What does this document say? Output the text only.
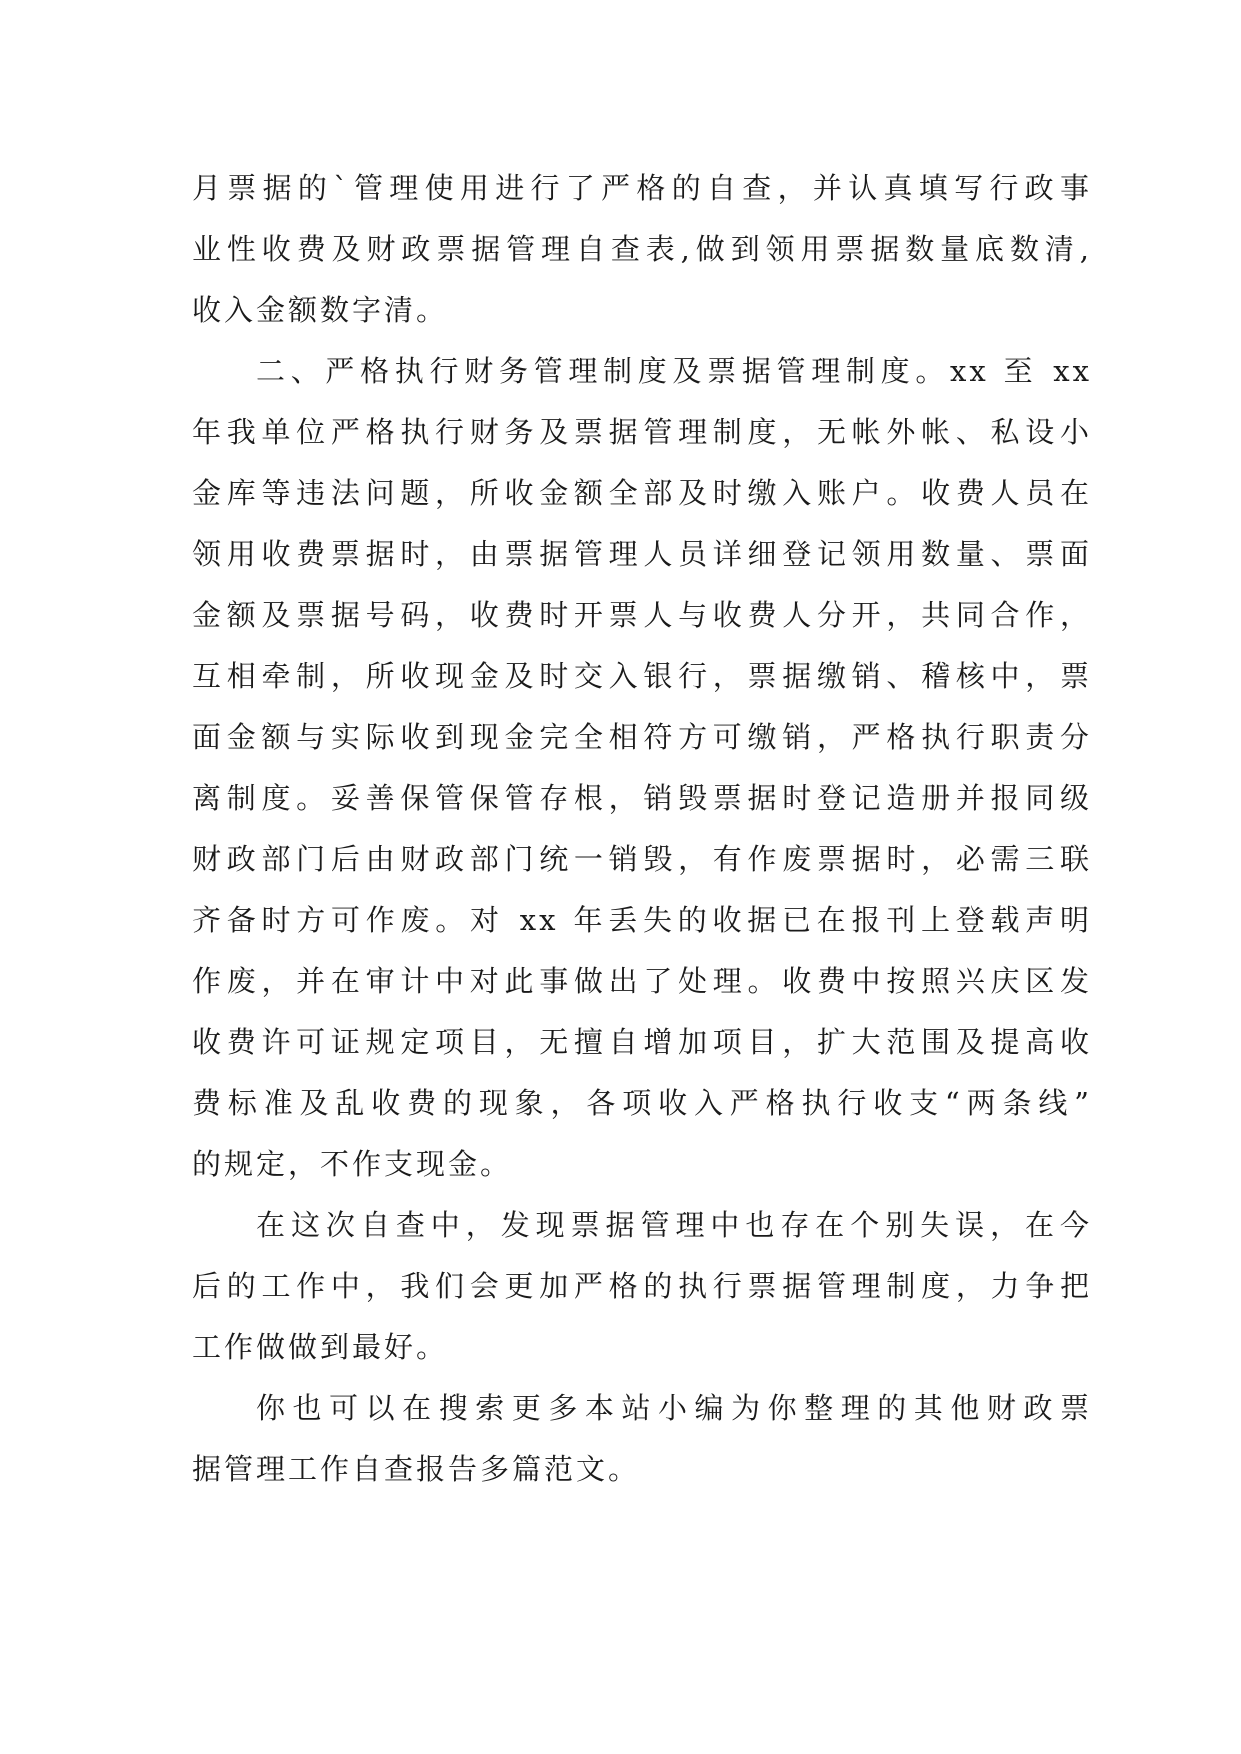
月票据的`管理使用进行了严格的自查，并认真填写行政事
业性收费及财政票据管理自查表,做到领用票据数量底数清,
收入金额数字清。
二、严格执行财务管理制度及票据管理制度。xx 至 xx
年我单位严格执行财务及票据管理制度，无帐外帐、私设小
金库等违法问题，所收金额全部及时缴入账户。收费人员在
领用收费票据时，由票据管理人员详细登记领用数量、票面
金额及票据号码，收费时开票人与收费人分开，共同合作，
互相牵制，所收现金及时交入银行，票据缴销、稽核中，票
面金额与实际收到现金完全相符方可缴销，严格执行职责分
离制度。妥善保管保管存根，销毁票据时登记造册并报同级
财政部门后由财政部门统一销毁，有作废票据时，必需三联
齐备时方可作废。对 xx 年丢失的收据已在报刊上登载声明
作废，并在审计中对此事做出了处理。收费中按照兴庆区发
收费许可证规定项目，无擅自增加项目，扩大范围及提高收
费标准及乱收费的现象，各项收入严格执行收支“两条线”
的规定，不作支现金。
在这次自查中，发现票据管理中也存在个别失误，在今
后的工作中，我们会更加严格的执行票据管理制度，力争把
工作做做到最好。
你也可以在搜索更多本站小编为你整理的其他财政票
据管理工作自查报告多篇范文。
